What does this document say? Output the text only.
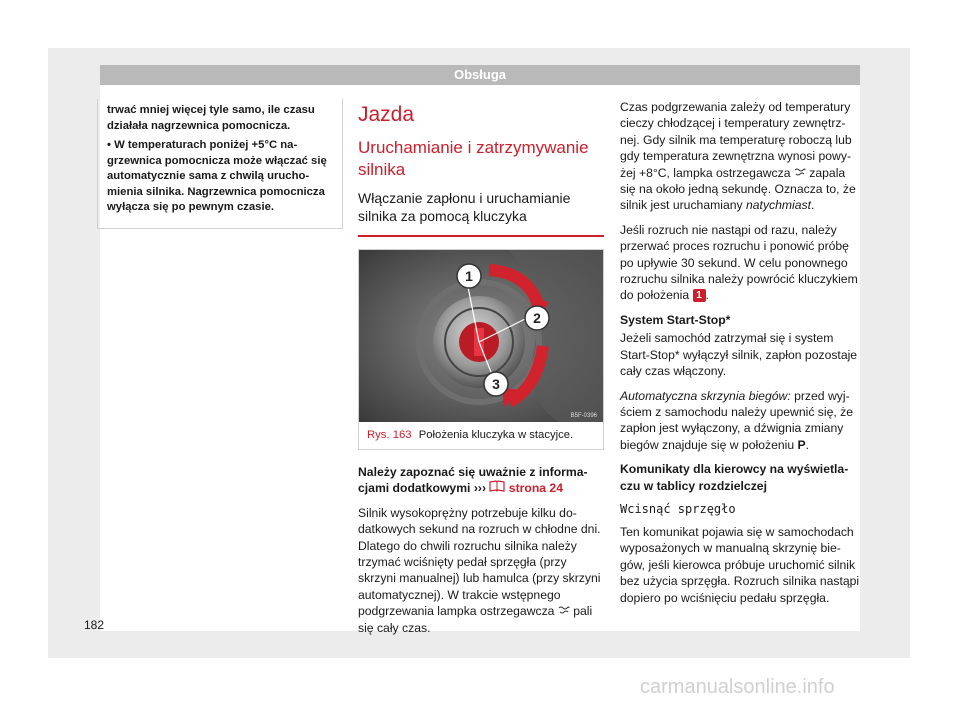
Obsługa

trwać mniej więcej tyle samo, ile czasu działała nagrzewnica pomocnicza.

• W temperaturach poniżej +5°C nagrzewnica pomocnicza może włączać się automatycznie sama z chwilą uruchomienia silnika. Nagrzewnica pomocnicza wyłącza się po pewnym czasie.

Jazda
Uruchamianie i zatrzymywanie silnika
Włączanie zapłonu i uruchamianie silnika za pomocą kluczyka
1
2
3
B5F-0396
Rys. 163 Położenia kluczyka w stacyjce.

Należy zapoznać się uważnie z informacjami dodatkowymi ››› strona 24

Silnik wysokoprężny potrzebuje kilku dodatkowych sekund na rozruch w chłodne dni. Dlatego do chwili rozruchu silnika należy trzymać wciśnięty pedał sprzęgła (przy skrzyni manualnej) lub hamulca (przy skrzyni automatycznej). W trakcie wstępnego podgrzewania lampka ostrzegawcza pali się cały czas.

Czas podgrzewania zależy od temperatury cieczy chłodzącej i temperatury zewnętrznej. Gdy silnik ma temperaturę roboczą lub gdy temperatura zewnętrzna wynosi powyżej +8°C, lampka ostrzegawcza zapala się na około jedną sekundę. Oznacza to, że silnik jest uruchamiany natychmiast.

Jeśli rozruch nie nastąpi od razu, należy przerwać proces rozruchu i ponowić próbę po upływie 30 sekund. W celu ponownego rozruchu silnika należy powrócić kluczykiem do położenia 1 .

System Start-Stop*

Jeżeli samochód zatrzymał się i system Start-Stop* wyłączył silnik, zapłon pozostaje cały czas włączony.

Automatyczna skrzynia biegów: przed wyjściem z samochodu należy upewnić się, że zapłon jest wyłączony, a dźwignia zmiany biegów znajduje się w położeniu P.

Komunikaty dla kierowcy na wyświetlaczu w tablicy rozdzielczej

Wcisnąć sprzęgło

Ten komunikat pojawia się w samochodach wyposażonych w manualną skrzynię biegów, jeśli kierowca próbuje uruchomić silnik bez użycia sprzęgła. Rozruch silnika nastąpi dopiero po wciśnięciu pedału sprzęgła.

182
carmanualsonline.info
